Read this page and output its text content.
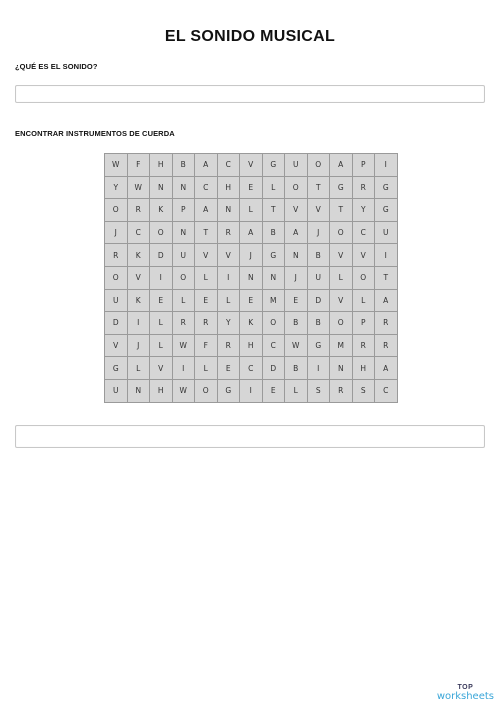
EL SONIDO MUSICAL
¿QUÉ ES EL SONIDO?
ENCONTRAR INSTRUMENTOS DE CUERDA
W	F	H	B	A	C	V	G	U	O	A	P	I
Y	W	N	N	C	H	E	L	O	T	G	R	G
O	R	K	P	A	N	L	T	V	V	T	Y	G
J	C	O	N	T	R	A	B	A	J	O	C	U
R	K	D	U	V	V	J	G	N	B	V	V	I
O	V	I	O	L	I	N	N	J	U	L	O	T
U	K	E	L	E	L	E	M	E	D	V	L	A
D	I	L	R	R	Y	K	O	B	B	O	P	R
V	J	L	W	F	R	H	C	W	G	M	R	R
G	L	V	I	L	E	C	D	B	I	N	H	A
U	N	H	W	O	G	I	E	L	S	R	S	C
TOP
worksheets
